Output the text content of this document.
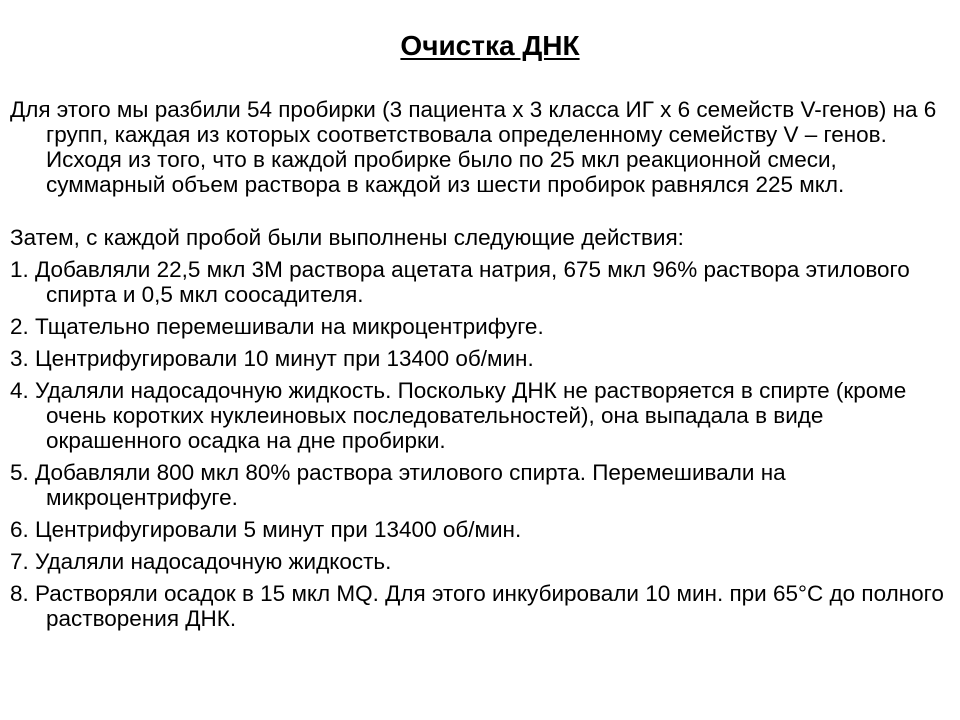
Очистка ДНК

Для этого мы разбили 54 пробирки (3 пациента х 3 класса ИГ х 6 семейств V-генов) на 6 групп, каждая из которых соответствовала определенному семейству V – генов. Исходя из того, что в каждой пробирке было по 25 мкл реакционной смеси, суммарный объем раствора в каждой из шести пробирок равнялся 225 мкл.

Затем, с каждой пробой были выполнены следующие действия:

1. Добавляли 22,5 мкл 3М раствора ацетата натрия, 675 мкл 96% раствора этилового спирта и 0,5 мкл соосадителя.

2. Тщательно перемешивали на микроцентрифуге.

3. Центрифугировали 10 минут при 13400 об/мин.

4. Удаляли надосадочную жидкость. Поскольку ДНК не растворяется в спирте (кроме очень коротких нуклеиновых последовательностей), она выпадала в виде окрашенного осадка на дне пробирки.

5. Добавляли 800 мкл 80% раствора этилового спирта. Перемешивали на микроцентрифуге.

6. Центрифугировали 5 минут при 13400 об/мин.

7. Удаляли надосадочную жидкость.

8. Растворяли осадок в 15 мкл MQ. Для этого инкубировали 10 мин. при 65°С до полного растворения ДНК.
